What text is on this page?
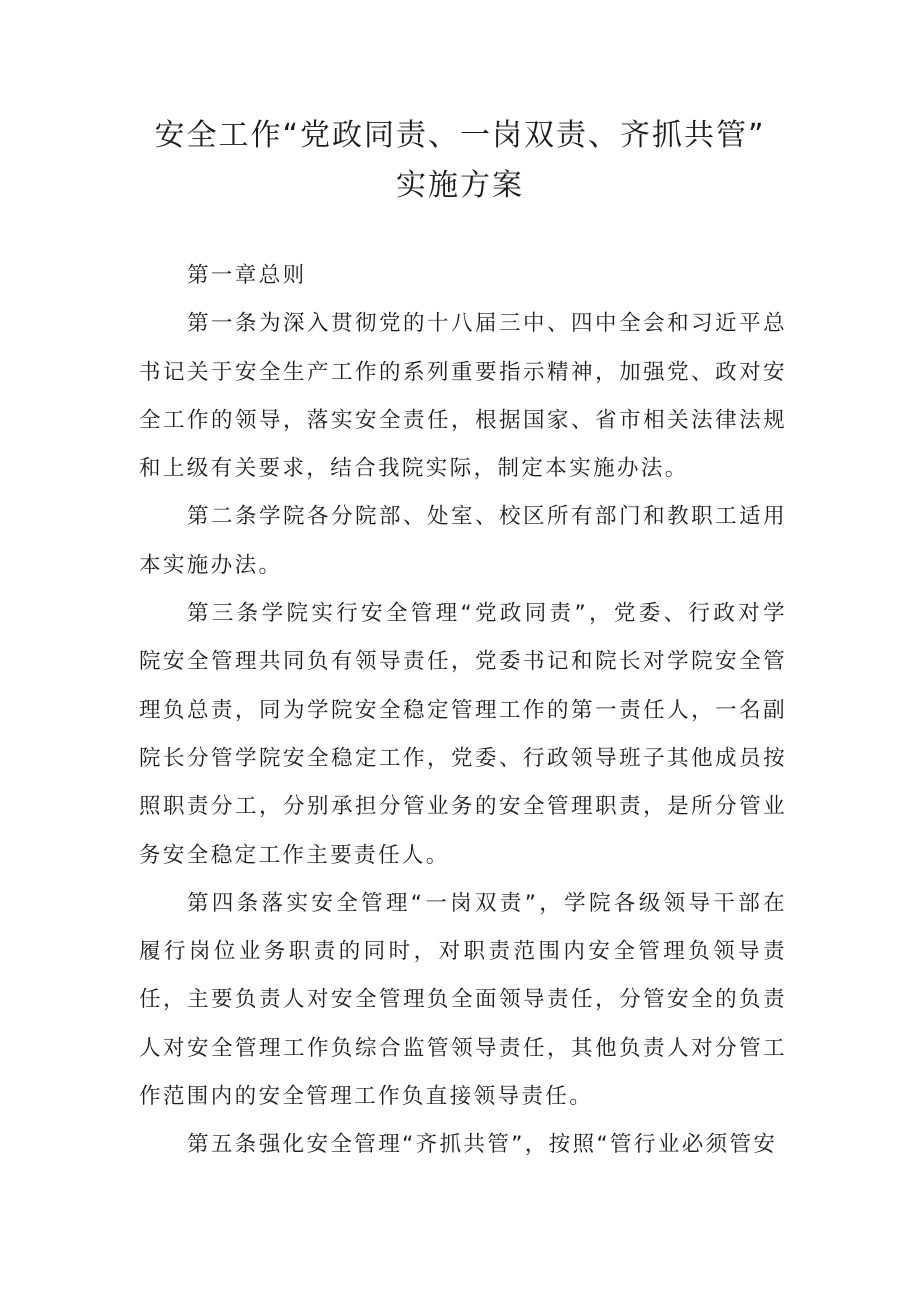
安全工作“党政同责、一岗双责、齐抓共管”
实施方案

第一章总则

第一条为深入贯彻党的十八届三中、四中全会和习近平总书记关于安全生产工作的系列重要指示精神，加强党、政对安全工作的领导，落实安全责任，根据国家、省市相关法律法规和上级有关要求，结合我院实际，制定本实施办法。

第二条学院各分院部、处室、校区所有部门和教职工适用本实施办法。

第三条学院实行安全管理“党政同责”，党委、行政对学院安全管理共同负有领导责任，党委书记和院长对学院安全管理负总责，同为学院安全稳定管理工作的第一责任人，一名副院长分管学院安全稳定工作，党委、行政领导班子其他成员按照职责分工，分别承担分管业务的安全管理职责，是所分管业务安全稳定工作主要责任人。

第四条落实安全管理“一岗双责”，学院各级领导干部在履行岗位业务职责的同时，对职责范围内安全管理负领导责任，主要负责人对安全管理负全面领导责任，分管安全的负责人对安全管理工作负综合监管领导责任，其他负责人对分管工作范围内的安全管理工作负直接领导责任。

第五条强化安全管理“齐抓共管”，按照“管行业必须管安
